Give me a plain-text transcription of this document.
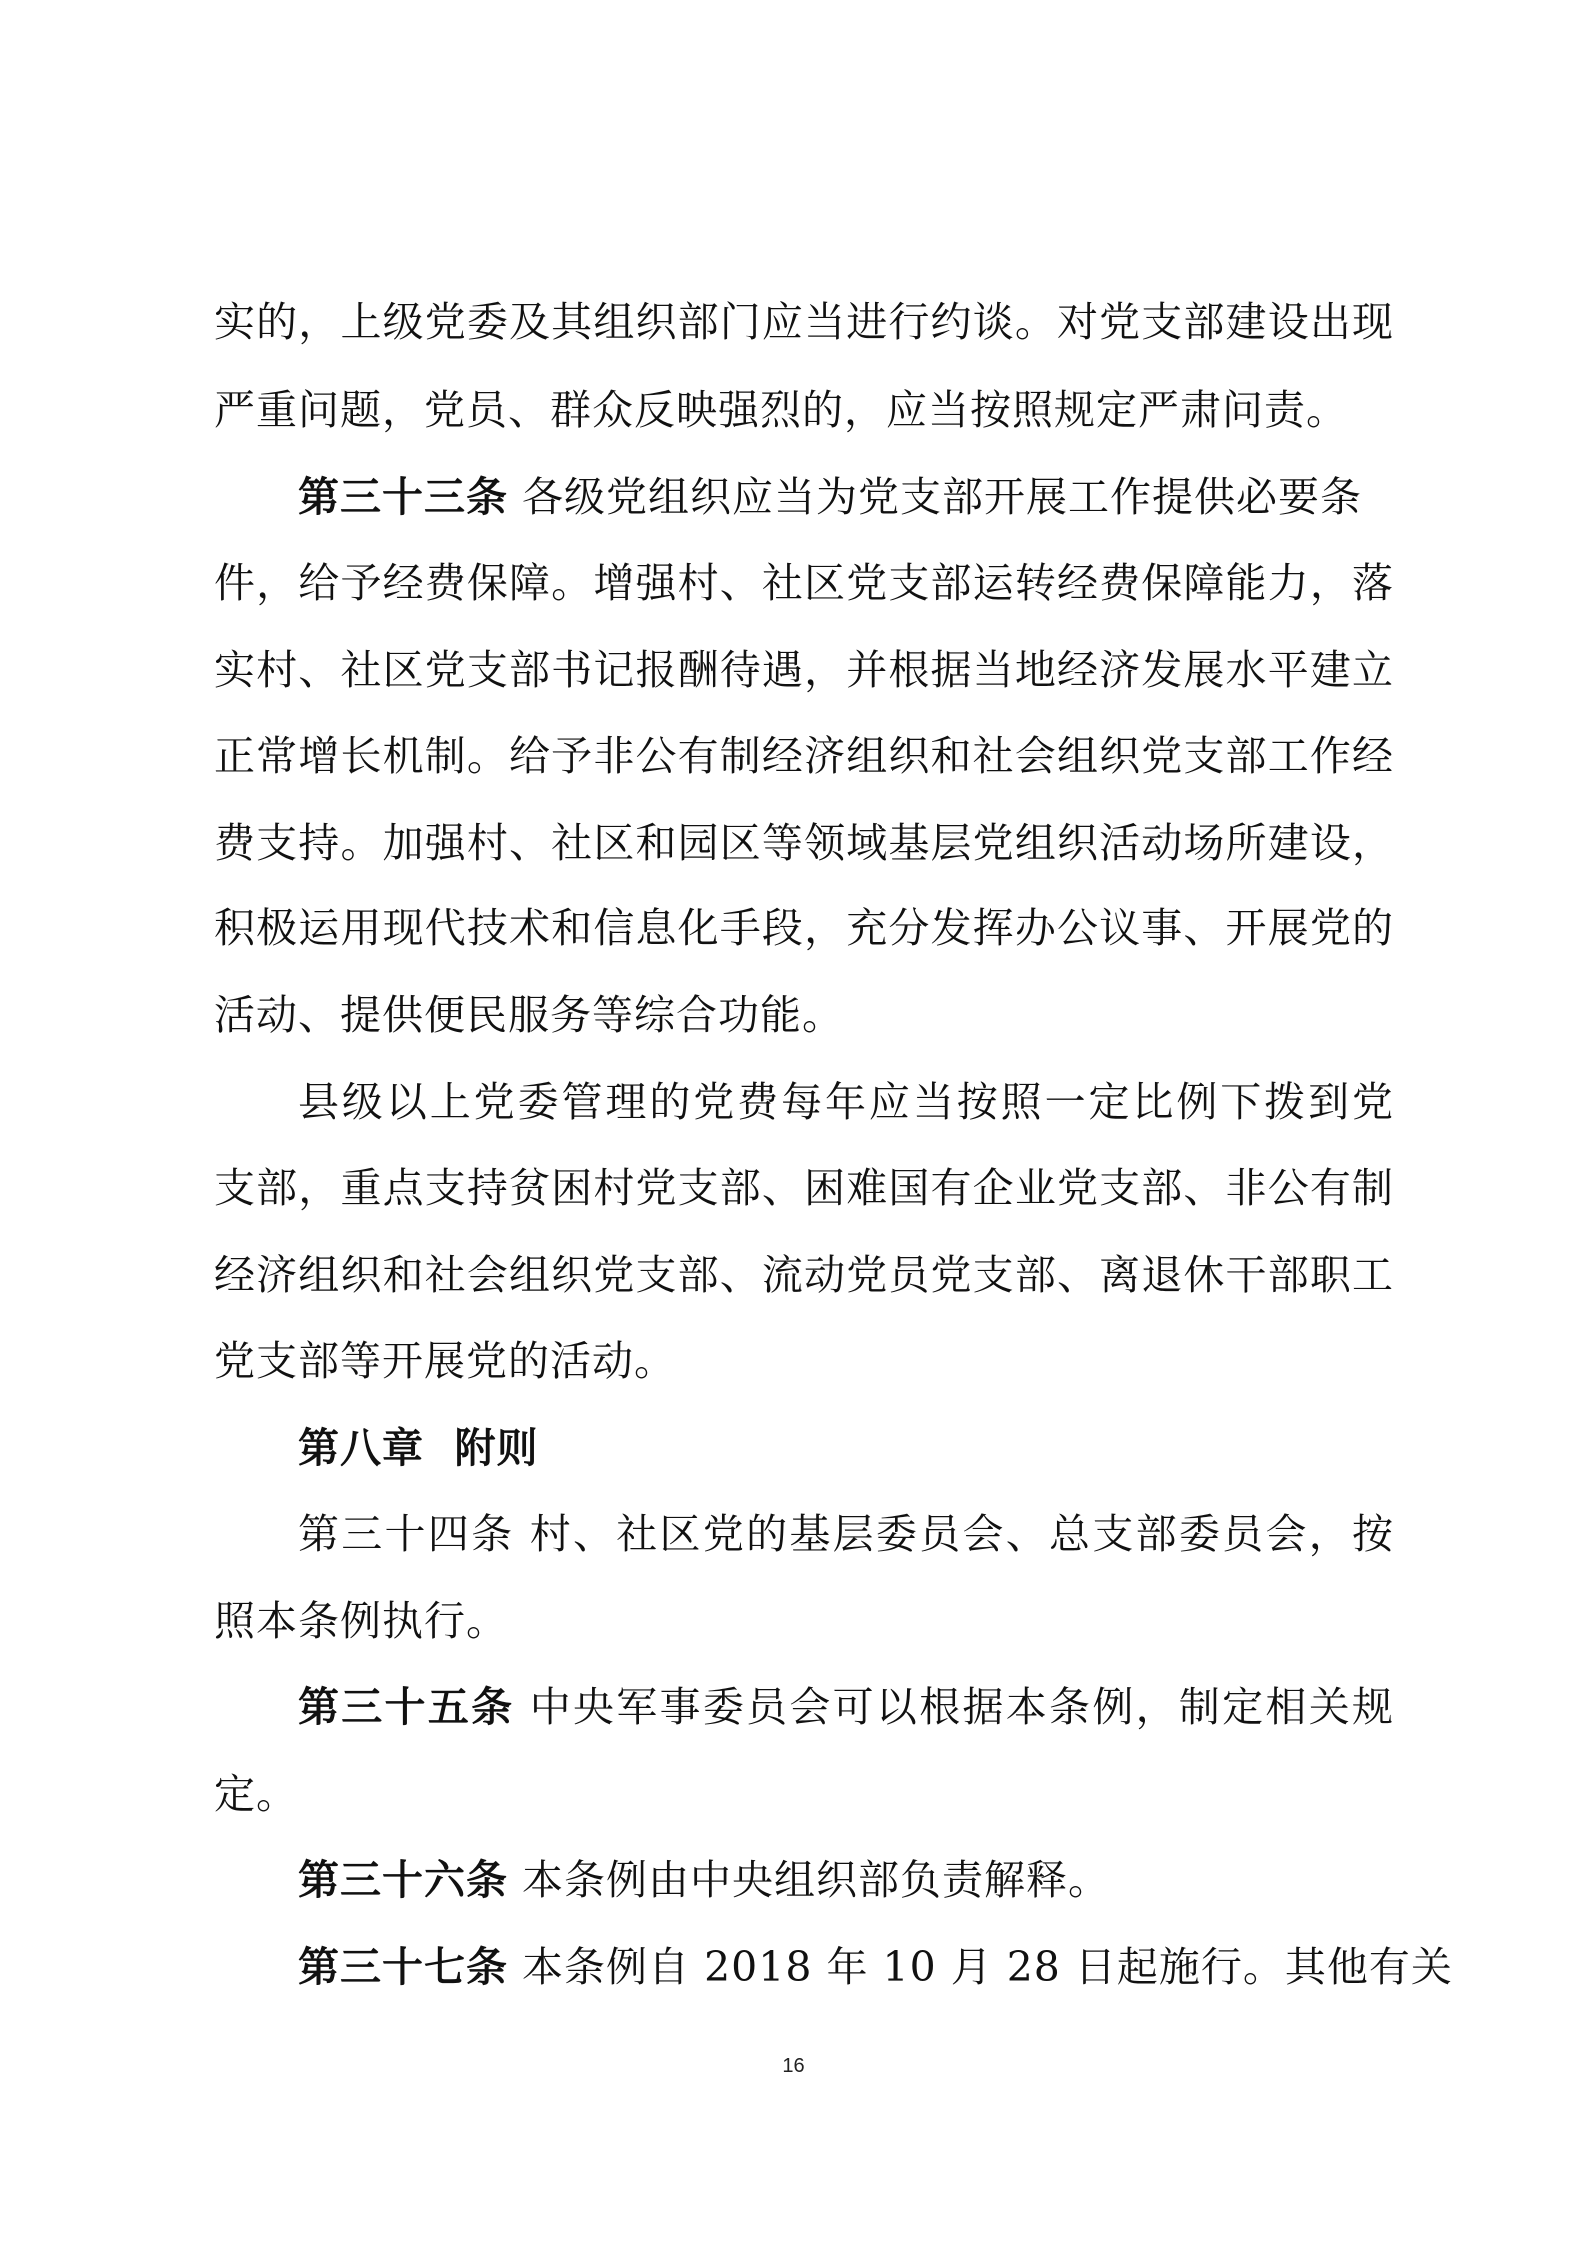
实的，上级党委及其组织部门应当进行约谈。对党支部建设出现
严重问题，党员、群众反映强烈的，应当按照规定严肃问责。
第三十三条 各级党组织应当为党支部开展工作提供必要条
件，给予经费保障。增强村、社区党支部运转经费保障能力，落
实村、社区党支部书记报酬待遇，并根据当地经济发展水平建立
正常增长机制。给予非公有制经济组织和社会组织党支部工作经
费支持。加强村、社区和园区等领域基层党组织活动场所建设，
积极运用现代技术和信息化手段，充分发挥办公议事、开展党的
活动、提供便民服务等综合功能。
县级以上党委管理的党费每年应当按照一定比例下拨到党
支部，重点支持贫困村党支部、困难国有企业党支部、非公有制
经济组织和社会组织党支部、流动党员党支部、离退休干部职工
党支部等开展党的活动。
第八章  附则
第三十四条 村、社区党的基层委员会、总支部委员会，按
照本条例执行。
第三十五条 中央军事委员会可以根据本条例，制定相关规
定。
第三十六条 本条例由中央组织部负责解释。
第三十七条 本条例自 2018 年 10 月 28 日起施行。其他有关
16
